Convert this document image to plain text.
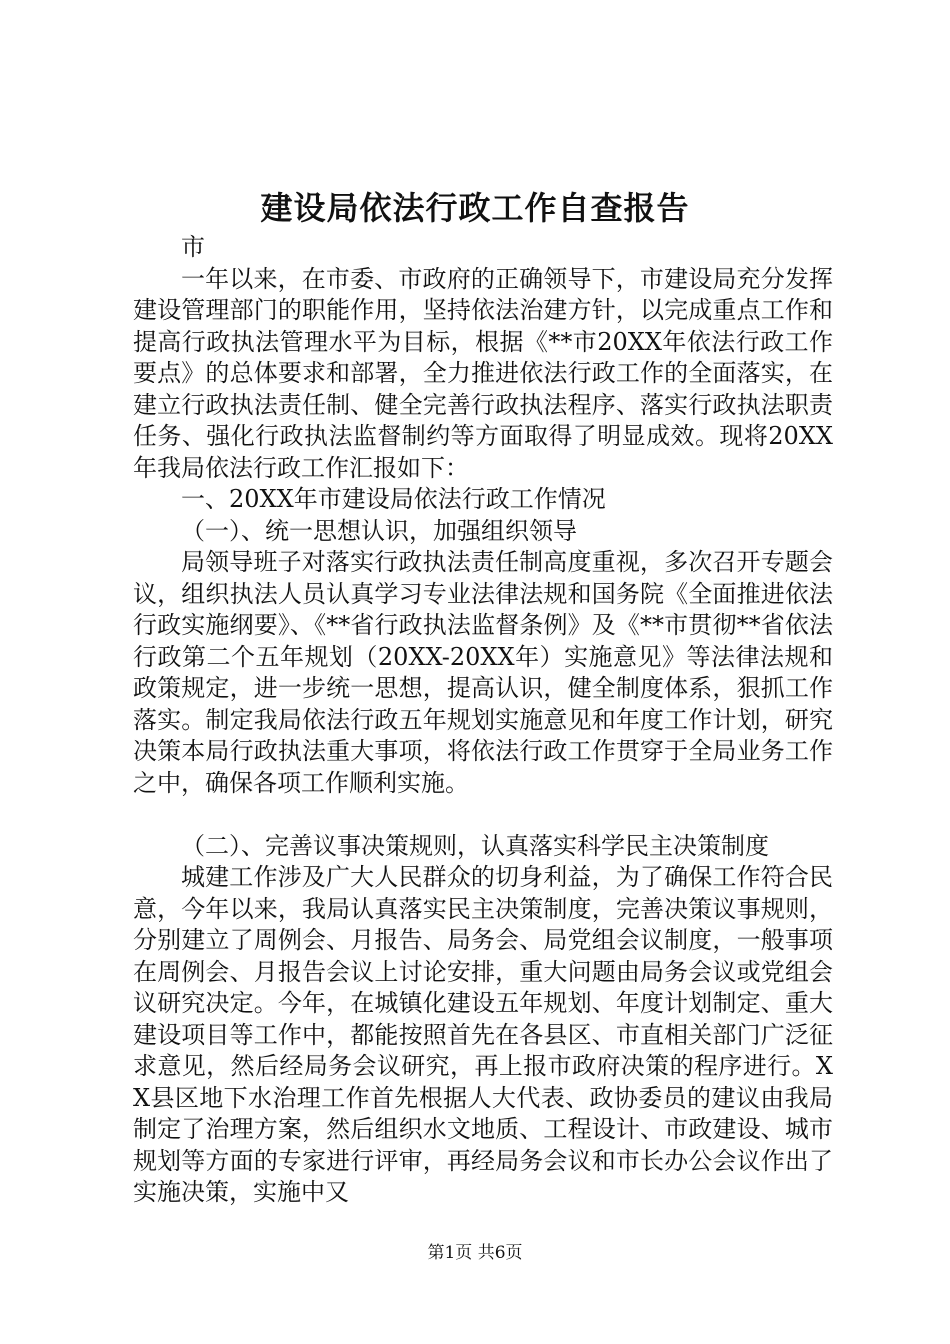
建设局依法行政工作自查报告

市

一年以来，在市委、市政府的正确领导下，市建设局充分发挥建设管理部门的职能作用，坚持依法治建方针，以完成重点工作和提高行政执法管理水平为目标，根据《**市20XX年依法行政工作要点》的总体要求和部署，全力推进依法行政工作的全面落实，在建立行政执法责任制、健全完善行政执法程序、落实行政执法职责任务、强化行政执法监督制约等方面取得了明显成效。现将20XX年我局依法行政工作汇报如下：

一、20XX年市建设局依法行政工作情况

（一）、统一思想认识，加强组织领导

局领导班子对落实行政执法责任制高度重视，多次召开专题会议，组织执法人员认真学习专业法律法规和国务院《全面推进依法行政实施纲要》、《**省行政执法监督条例》及《**市贯彻**省依法行政第二个五年规划（20XX-20XX年）实施意见》等法律法规和政策规定，进一步统一思想，提高认识，健全制度体系，狠抓工作落实。制定我局依法行政五年规划实施意见和年度工作计划，研究决策本局行政执法重大事项，将依法行政工作贯穿于全局业务工作之中，确保各项工作顺利实施。

（二）、完善议事决策规则，认真落实科学民主决策制度

城建工作涉及广大人民群众的切身利益，为了确保工作符合民意，今年以来，我局认真落实民主决策制度，完善决策议事规则，分别建立了周例会、月报告、局务会、局党组会议制度，一般事项在周例会、月报告会议上讨论安排，重大问题由局务会议或党组会议研究决定。今年，在城镇化建设五年规划、年度计划制定、重大建设项目等工作中，都能按照首先在各县区、市直相关部门广泛征求意见，然后经局务会议研究，再上报市政府决策的程序进行。XX县区地下水治理工作首先根据人大代表、政协委员的建议由我局制定了治理方案，然后组织水文地质、工程设计、市政建设、城市规划等方面的专家进行评审，再经局务会议和市长办公会议作出了实施决策，实施中又

第1页 共6页
